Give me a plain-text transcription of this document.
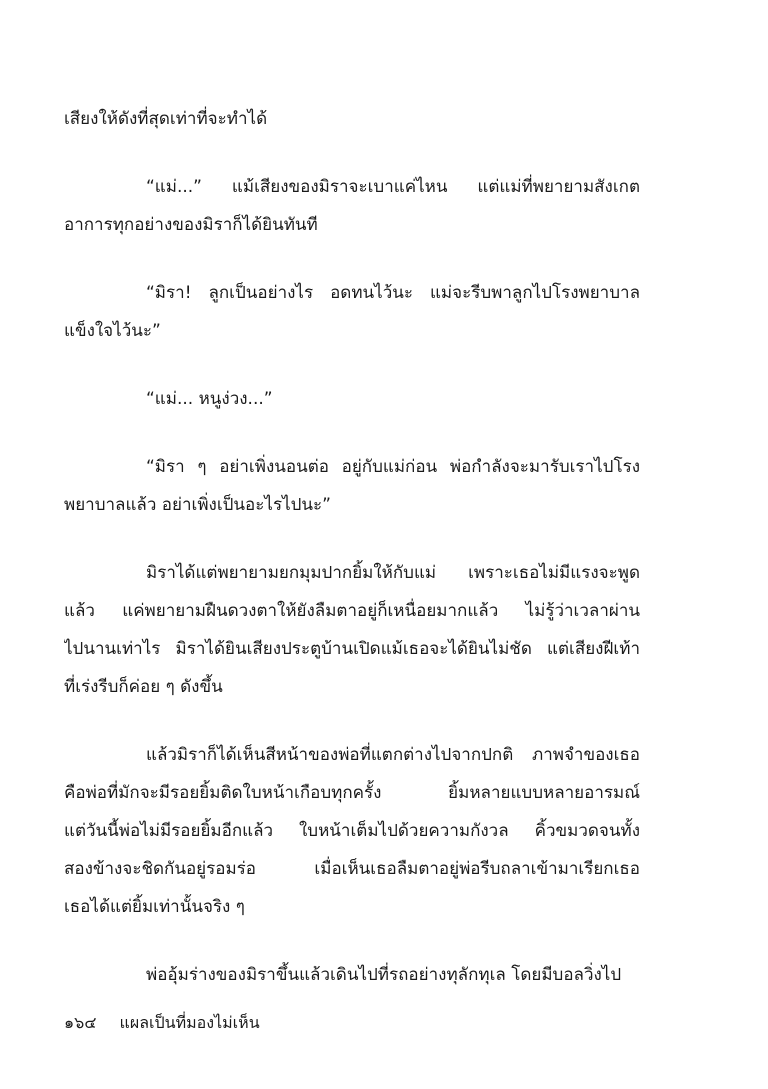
เสียงให้ดังที่สุดเท่าที่จะทำได้
“แม่...” แม้เสียงของมิราจะเบาแค่ไหน แต่แม่ที่พยายามสังเกต
อาการทุกอย่างของมิราก็ได้ยินทันที
“มิรา! ลูกเป็นอย่างไร อดทนไว้นะ แม่จะรีบพาลูกไปโรงพยาบาล
แข็งใจไว้นะ”
“แม่... หนูง่วง...”
“มิรา ๆ อย่าเพิ่งนอนต่อ อยู่กับแม่ก่อน พ่อกำลังจะมารับเราไปโรง
พยาบาลแล้ว อย่าเพิ่งเป็นอะไรไปนะ”
มิราได้แต่พยายามยกมุมปากยิ้มให้กับแม่ เพราะเธอไม่มีแรงจะพูด
แล้ว แค่พยายามฝืนดวงตาให้ยังลืมตาอยู่ก็เหนื่อยมากแล้ว ไม่รู้ว่าเวลาผ่าน
ไปนานเท่าไร มิราได้ยินเสียงประตูบ้านเปิดแม้เธอจะได้ยินไม่ชัด แต่เสียงฝีเท้า
ที่เร่งรีบก็ค่อย ๆ ดังขึ้น
แล้วมิราก็ได้เห็นสีหน้าของพ่อที่แตกต่างไปจากปกติ ภาพจำของเธอ
คือพ่อที่มักจะมีรอยยิ้มติดใบหน้าเกือบทุกครั้ง ยิ้มหลายแบบหลายอารมณ์
แต่วันนี้พ่อไม่มีรอยยิ้มอีกแล้ว ใบหน้าเต็มไปด้วยความกังวล คิ้วขมวดจนทั้ง
สองข้างจะชิดกันอยู่รอมร่อ เมื่อเห็นเธอลืมตาอยู่พ่อรีบถลาเข้ามาเรียกเธอ
เธอได้แต่ยิ้มเท่านั้นจริง ๆ
พ่ออุ้มร่างของมิราขึ้นแล้วเดินไปที่รถอย่างทุลักทุเล โดยมีบอลวิ่งไป
๑๖๔ แผลเป็นที่มองไม่เห็น
